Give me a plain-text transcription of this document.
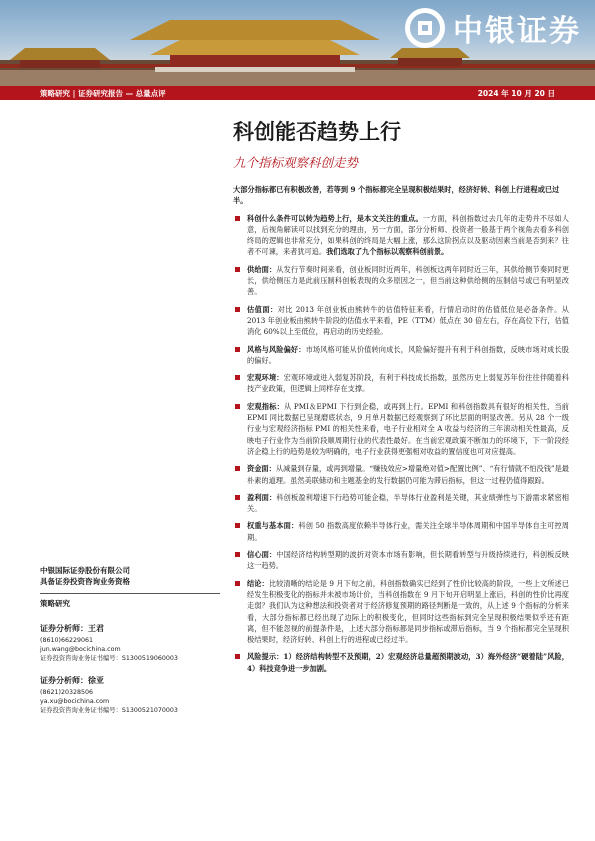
中银证券
策略研究 | 证券研究报告 — 总量点评	2024 年 10 月 20 日
科创能否趋势上行
九个指标观察科创走势
大部分指标都已有积极改善，若等到 9 个指标都完全呈现积极结果时，经济好转、科创上行进程或已过半。
科创什么条件可以转为趋势上行，是本文关注的重点。一方面，科创指数过去几年的走势并不尽如人意，后视角解读可以找到充分的理由，另一方面，部分分析师、投资者一般基于两个视角去看多科创终局的逻辑也非常充分，如果科创的终局是大幅上涨，那么这阶拐点以及驱动因素当前是否到来？往者不可谏，来者犹可追。我们选取了九个指标以观察科创前景。
供给面：从发行节奏时间来看，创业板同时近两年，科创板这两年同时近三年，其供给侧节奏同时更长，供给侧压力是此前压制科创板表现的众多原因之一，但当前这种供给侧的压制信号或已有明显改善。
估值面：对比 2013 年创业板由熊转牛的估值特征来看，行情启动时的估值低位是必备条件。从 2013 年创业板由熊转牛阶段的估值水平来看，PE（TTM）低点在 30 倍左右，存在高位下行，估值消化 60%以上至低位，再启动的历史经验。
风格与风险偏好：市场风格可能从价值转向成长，风险偏好提升有利于科创指数，反映市场对成长股的偏好。
宏观环境：宏观环境或进入弱复苏阶段，有利于科技成长指数，虽然历史上弱复苏年份往往伴随着科技产业政策，但逻辑上同样存在支撑。
宏观指标：从 PMI＆EPMI 下行到企稳，或再到上行。EPMI 和科创指数具有很好的相关性，当前 EPMI 同比数据已呈现磨底状态，9 月单月数据已经观察到了环比层面的明显改善。另从 28 个一级行业与宏观经济指标 PMI 的相关性来看，电子行业相对全 A 收益与经济的三年滚动相关性最高，反映电子行业作为当前阶段顺周期行业的代表性最好。在当前宏观政策不断加力的环境下，下一阶段经济企稳上行的趋势是较为明确的，电子行业获得更强相对收益的置信度也可对应提高。
资金面：从减量到存量，或再到增量。“赚钱效应>增量绝对值>配置比例”、“有行情就不怕没钱”是最朴素的道理。虽然美联储动和主题基金的发行数据仍可能为滞后指标，但这一过程仍值得跟踪。
盈利面：科创板盈利增速下行趋势可能企稳，半导体行业盈利是关键，其业绩弹性与下游需求紧密相关。
权重与基本面：科创 50 指数高度依赖半导体行业，需关注全球半导体周期和中国半导体自主可控周期。
信心面：中国经济结构转型期的波折对资本市场有影响，但长期看转型与升级持续进行，科创板反映这一趋势。
结论：比较清晰的结论是 9 月下旬之前，科创指数确实已经到了性价比较高的阶段，一些上文所述已经发生积极变化的指标并未被市场计价，当科创指数在 9 月下旬开启明显上涨后，科创的性价比再度走弱？我们认为这种想法和投资者对于经济修复预期的路径判断是一致的，从上述 9 个指标的分析来看，大部分指标都已经出现了边际上的积极变化，但同时这些指标到完全呈现积极结果似乎还有距离，但不能忽视的前提条件是，上述大部分指标都是同步指标或滞后指标，当 9 个指标都完全呈现积极结果时，经济好转、科创上行的进程或已经过半。
风险提示：1）经济结构转型不及预期，2）宏观经济总量超预期波动，3）海外经济“硬着陆”风险，4）科技竞争进一步加剧。
中银国际证券股份有限公司
具备证券投资咨询业务资格
策略研究
证券分析师：王君
(8610)66229061
jun.wang@bocichina.com
证券投资咨询业务证书编号：S1300519060003
证券分析师：徐亚
(8621)20328506
ya.xu@bocichina.com
证券投资咨询业务证书编号：S1300521070003
